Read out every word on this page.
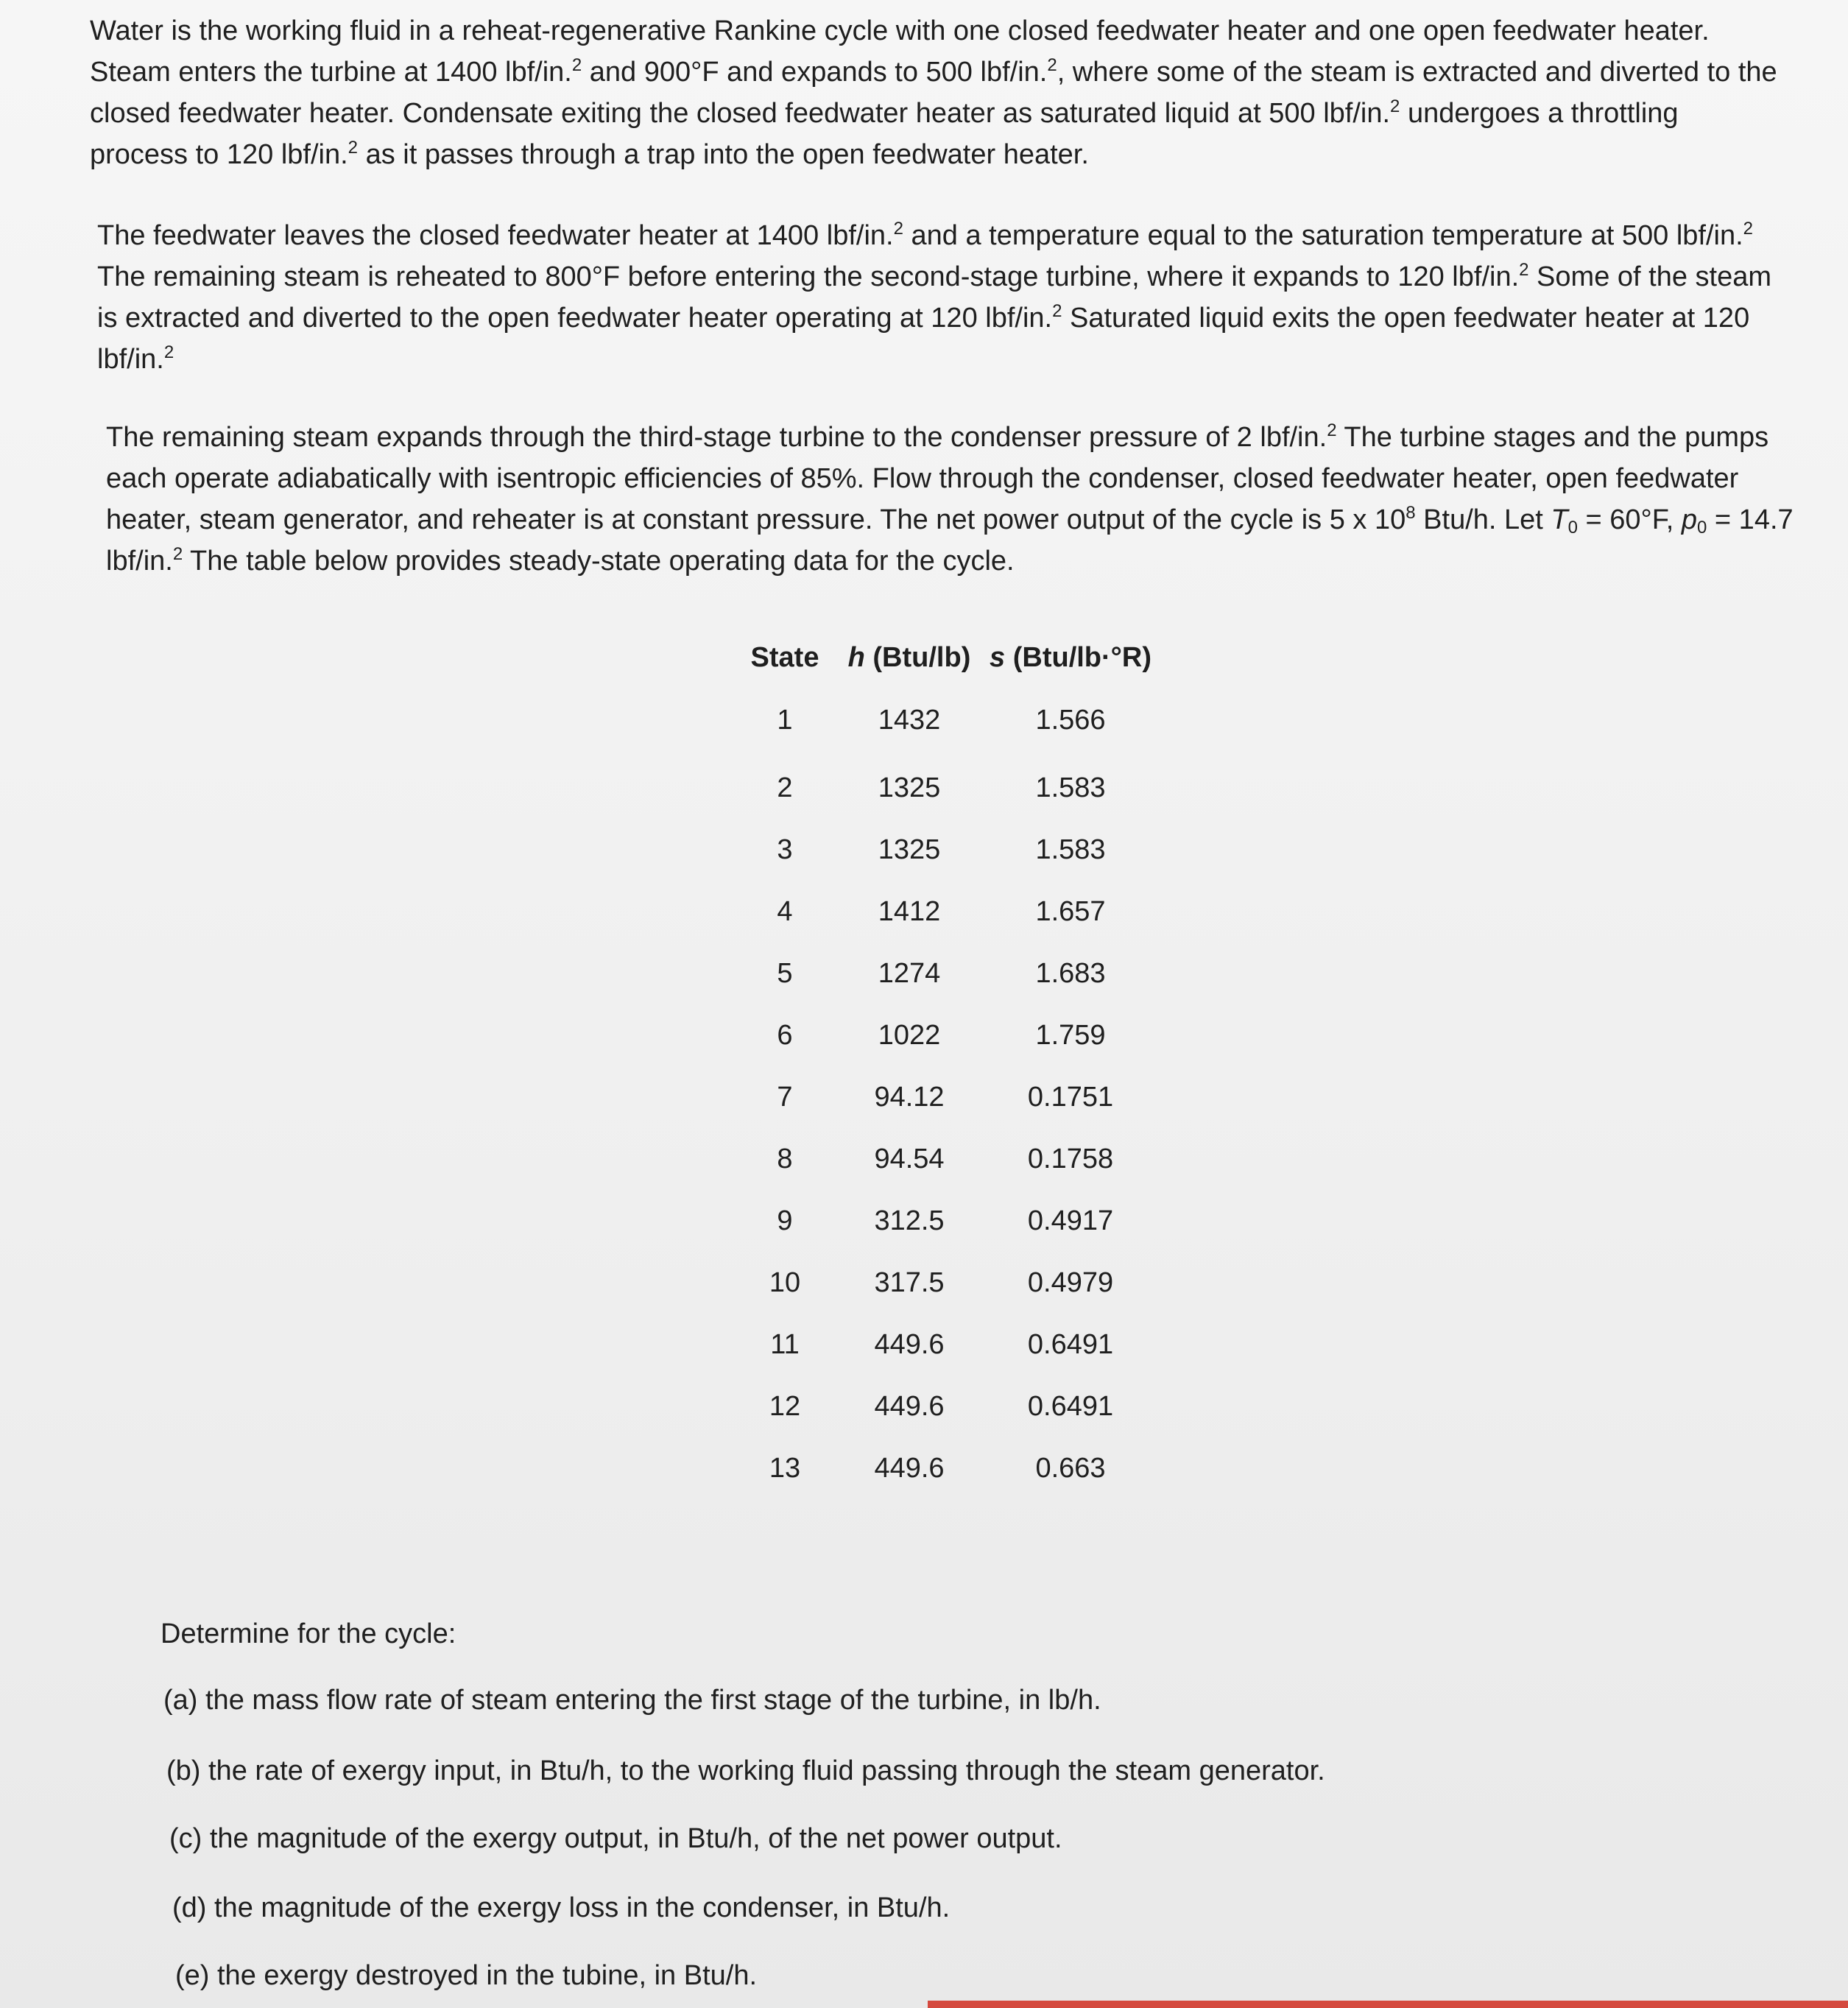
Water is the working fluid in a reheat-regenerative Rankine cycle with one closed feedwater heater and one open feedwater heater. Steam enters the turbine at 1400 lbf/in.$^2$ and 900°F and expands to 500 lbf/in.$^2$, where some of the steam is extracted and diverted to the closed feedwater heater. Condensate exiting the closed feedwater heater as saturated liquid at 500 lbf/in.$^2$ undergoes a throttling process to 120 lbf/in.$^2$ as it passes through a trap into the open feedwater heater.

The feedwater leaves the closed feedwater heater at 1400 lbf/in.$^2$ and a temperature equal to the saturation temperature at 500 lbf/in.$^2$ The remaining steam is reheated to 800°F before entering the second-stage turbine, where it expands to 120 lbf/in.$^2$ Some of the steam is extracted and diverted to the open feedwater heater operating at 120 lbf/in.$^2$ Saturated liquid exits the open feedwater heater at 120 lbf/in.$^2$

The remaining steam expands through the third-stage turbine to the condenser pressure of 2 lbf/in.$^2$ The turbine stages and the pumps each operate adiabatically with isentropic efficiencies of 85%. Flow through the condenser, closed feedwater heater, open feedwater heater, steam generator, and reheater is at constant pressure. The net power output of the cycle is 5 x $10^8$ Btu/h. Let $T_0 = 60^\circ F$, $p_0 = 14.7$ lbf/in.$^2$ The table below provides steady-state operating data for the cycle.

State	h (Btu/lb)	s (Btu/lb·°R)
1	1432	1.566
2	1325	1.583
3	1325	1.583
4	1412	1.657
5	1274	1.683
6	1022	1.759
7	94.12	0.1751
8	94.54	0.1758
9	312.5	0.4917
10	317.5	0.4979
11	449.6	0.6491
12	449.6	0.6491
13	449.6	0.663

Determine for the cycle:

(a) the mass flow rate of steam entering the first stage of the turbine, in lb/h.

(b) the rate of exergy input, in Btu/h, to the working fluid passing through the steam generator.

(c) the magnitude of the exergy output, in Btu/h, of the net power output.

(d) the magnitude of the exergy loss in the condenser, in Btu/h.

(e) the exergy destroyed in the tubine, in Btu/h.
